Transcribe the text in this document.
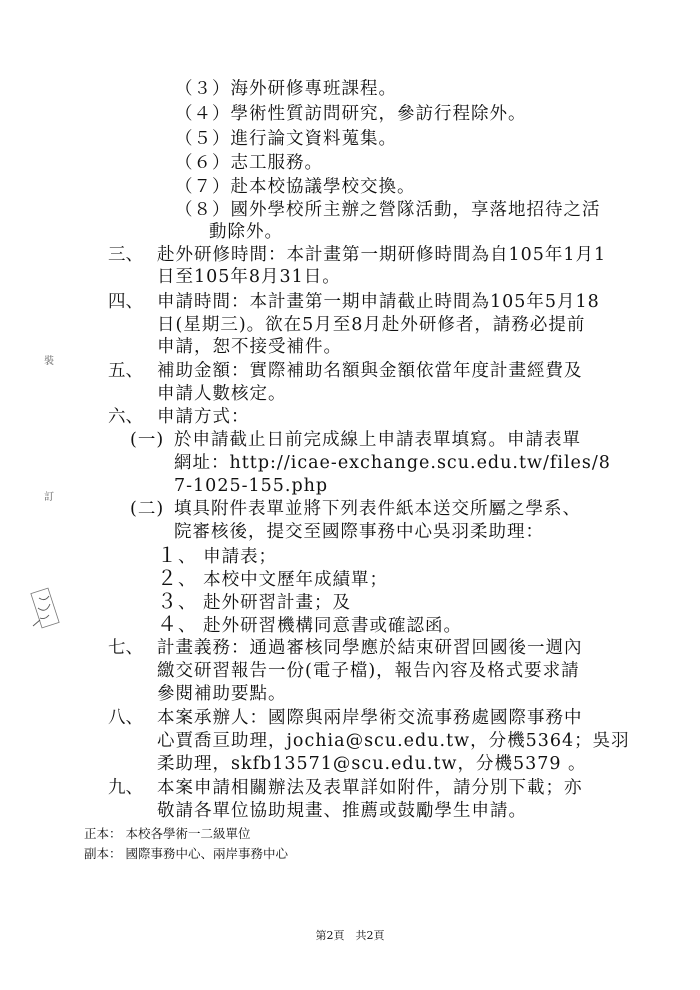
裝
訂
（３）海外研修專班課程。
（４）學術性質訪問研究，參訪行程除外。
（５）進行論文資料蒐集。
（６）志工服務。
（７）赴本校協議學校交換。
（８）國外學校所主辦之營隊活動，享落地招待之活
動除外。
三、 赴外研修時間：本計畫第一期研修時間為自105年1月1
日至105年8月31日。
四、 申請時間：本計畫第一期申請截止時間為105年5月18
日(星期三)。欲在5月至8月赴外研修者，請務必提前
申請，恕不接受補件。
五、 補助金額：實際補助名額與金額依當年度計畫經費及
申請人數核定。
六、 申請方式：
(一) 於申請截止日前完成線上申請表單填寫。申請表單
網址：http://icae-exchange.scu.edu.tw/files/8
7-1025-155.php
(二) 填具附件表單並將下列表件紙本送交所屬之學系、
院審核後，提交至國際事務中心吳羽柔助理：
１、 申請表；
２、 本校中文歷年成績單；
３、 赴外研習計畫；及
４、 赴外研習機構同意書或確認函。
七、 計畫義務：通過審核同學應於結束研習回國後一週內
繳交研習報告一份(電子檔)，報告內容及格式要求請
參閱補助要點。
八、 本案承辦人：國際與兩岸學術交流事務處國際事務中
心賈喬亘助理，jochia@scu.edu.tw，分機5364；吳羽
柔助理，skfb13571@scu.edu.tw，分機5379 。
九、 本案申請相關辦法及表單詳如附件，請分別下載；亦
敬請各單位協助規畫、推薦或鼓勵學生申請。
正本： 本校各學術一二級單位
副本： 國際事務中心、兩岸事務中心
第2頁　共2頁
